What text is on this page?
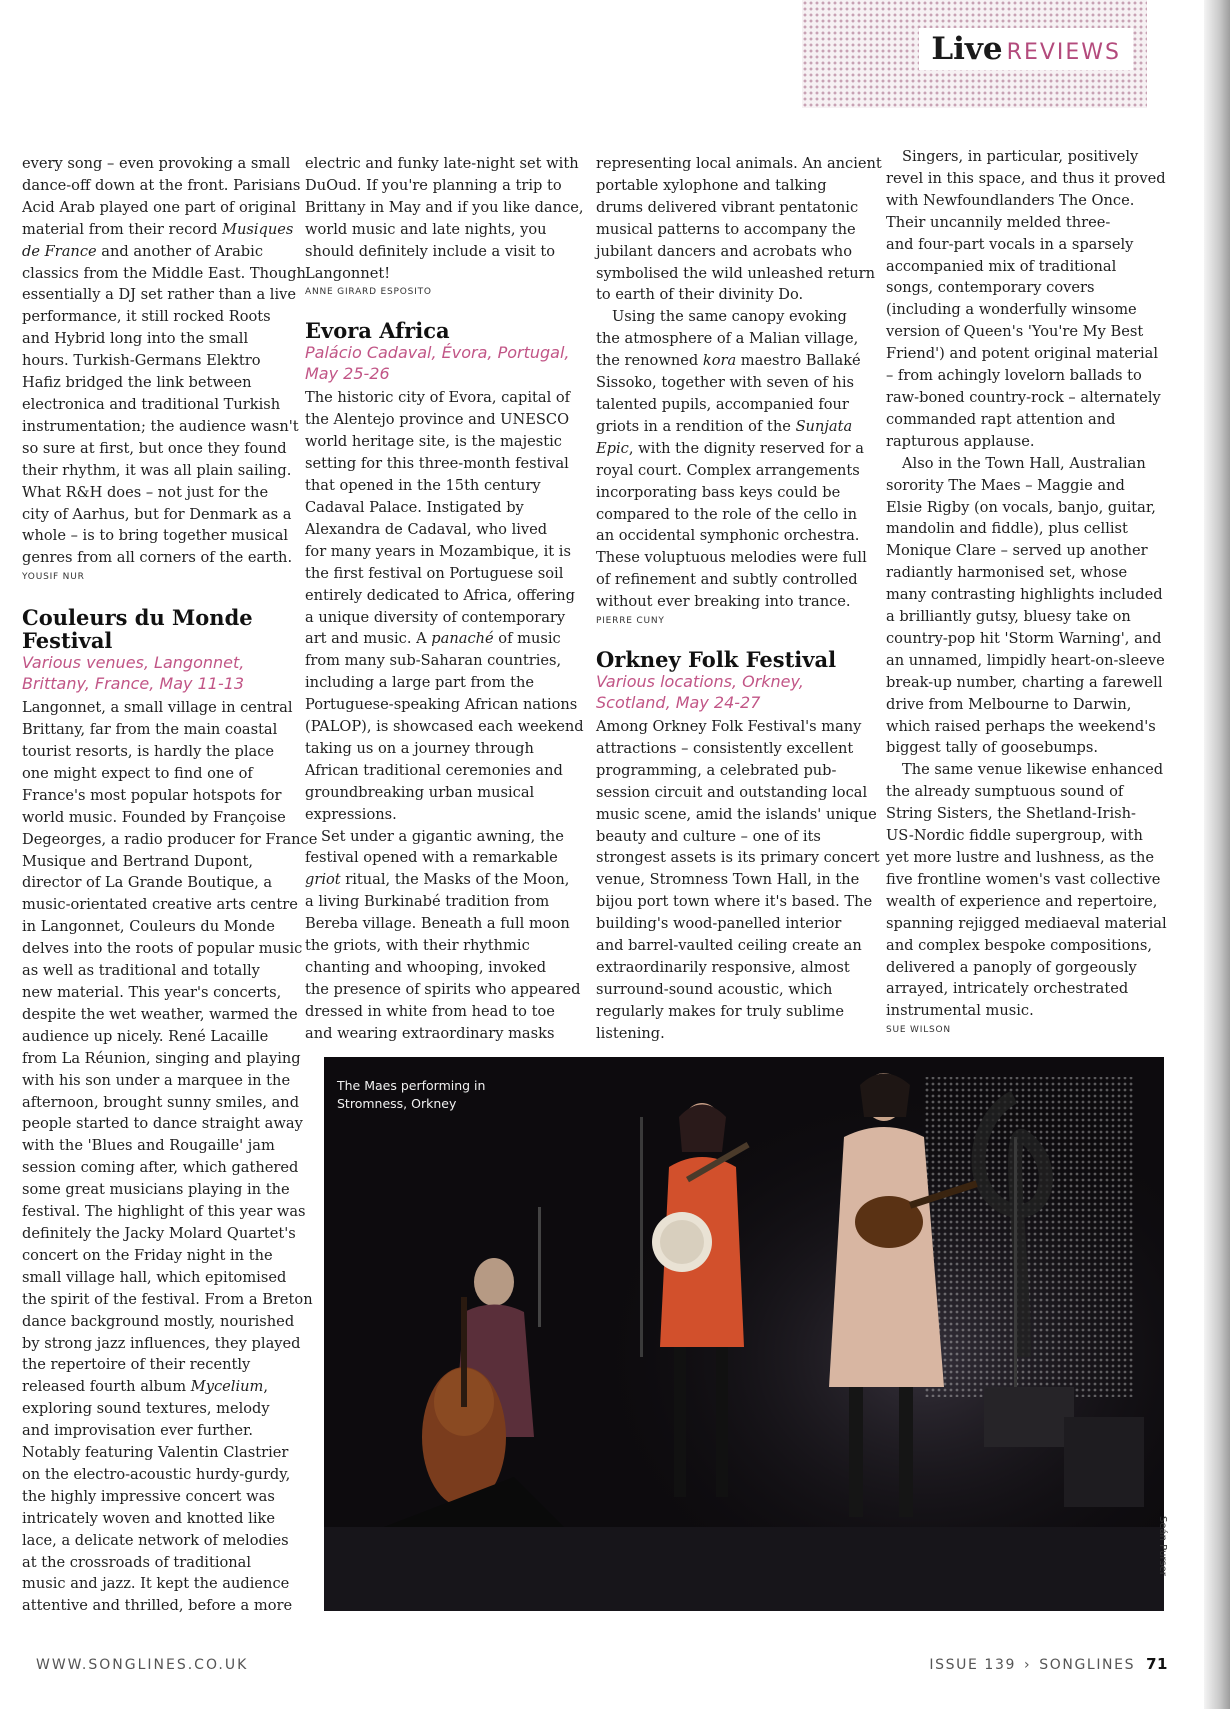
Live REVIEWS
every song – even provoking a small
dance-off down at the front. Parisians
Acid Arab played one part of original
material from their record Musiques
de France and another of Arabic
classics from the Middle East. Though
essentially a DJ set rather than a live
performance, it still rocked Roots
and Hybrid long into the small
hours. Turkish-Germans Elektro
Hafiz bridged the link between
electronica and traditional Turkish
instrumentation; the audience wasn't
so sure at first, but once they found
their rhythm, it was all plain sailing.
What R&H does – not just for the
city of Aarhus, but for Denmark as a
whole – is to bring together musical
genres from all corners of the earth.
YOUSIF NUR
Couleurs du Monde Festival
Various venues, Langonnet, Brittany, France, May 11-13
Langonnet, a small village in central
Brittany, far from the main coastal
tourist resorts, is hardly the place
one might expect to find one of
France's most popular hotspots for
world music. Founded by Françoise
Degeorges, a radio producer for France
Musique and Bertrand Dupont,
director of La Grande Boutique, a
music-orientated creative arts centre
in Langonnet, Couleurs du Monde
delves into the roots of popular music
as well as traditional and totally
new material. This year's concerts,
despite the wet weather, warmed the
audience up nicely. René Lacaille
from La Réunion, singing and playing
with his son under a marquee in the
afternoon, brought sunny smiles, and
people started to dance straight away
with the 'Blues and Rougaille' jam
session coming after, which gathered
some great musicians playing in the
festival. The highlight of this year was
definitely the Jacky Molard Quartet's
concert on the Friday night in the
small village hall, which epitomised
the spirit of the festival. From a Breton
dance background mostly, nourished
by strong jazz influences, they played
the repertoire of their recently
released fourth album Mycelium,
exploring sound textures, melody
and improvisation ever further.
Notably featuring Valentin Clastrier
on the electro-acoustic hurdy-gurdy,
the highly impressive concert was
intricately woven and knotted like
lace, a delicate network of melodies
at the crossroads of traditional
music and jazz. It kept the audience
attentive and thrilled, before a more
electric and funky late-night set with
DuOud. If you're planning a trip to
Brittany in May and if you like dance,
world music and late nights, you
should definitely include a visit to
Langonnet!
ANNE GIRARD ESPOSITO
Evora Africa
Palácio Cadaval, Évora, Portugal, May 25-26
The historic city of Evora, capital of
the Alentejo province and UNESCO
world heritage site, is the majestic
setting for this three-month festival
that opened in the 15th century
Cadaval Palace. Instigated by
Alexandra de Cadaval, who lived
for many years in Mozambique, it is
the first festival on Portuguese soil
entirely dedicated to Africa, offering
a unique diversity of contemporary
art and music. A panaché of music
from many sub-Saharan countries,
including a large part from the
Portuguese-speaking African nations
(PALOP), is showcased each weekend
taking us on a journey through
African traditional ceremonies and
groundbreaking urban musical
expressions.
Set under a gigantic awning, the
festival opened with a remarkable
griot ritual, the Masks of the Moon,
a living Burkinabé tradition from
Bereba village. Beneath a full moon
the griots, with their rhythmic
chanting and whooping, invoked
the presence of spirits who appeared
dressed in white from head to toe
and wearing extraordinary masks
representing local animals. An ancient
portable xylophone and talking
drums delivered vibrant pentatonic
musical patterns to accompany the
jubilant dancers and acrobats who
symbolised the wild unleashed return
to earth of their divinity Do.
Using the same canopy evoking
the atmosphere of a Malian village,
the renowned kora maestro Ballaké
Sissoko, together with seven of his
talented pupils, accompanied four
griots in a rendition of the Sunjata
Epic, with the dignity reserved for a
royal court. Complex arrangements
incorporating bass keys could be
compared to the role of the cello in
an occidental symphonic orchestra.
These voluptuous melodies were full
of refinement and subtly controlled
without ever breaking into trance.
PIERRE CUNY
Orkney Folk Festival
Various locations, Orkney, Scotland, May 24-27
Among Orkney Folk Festival's many
attractions – consistently excellent
programming, a celebrated pub-
session circuit and outstanding local
music scene, amid the islands' unique
beauty and culture – one of its
strongest assets is its primary concert
venue, Stromness Town Hall, in the
bijou port town where it's based. The
building's wood-panelled interior
and barrel-vaulted ceiling create an
extraordinarily responsive, almost
surround-sound acoustic, which
regularly makes for truly sublime
listening.
Singers, in particular, positively
revel in this space, and thus it proved
with Newfoundlanders The Once.
Their uncannily melded three-
and four-part vocals in a sparsely
accompanied mix of traditional
songs, contemporary covers
(including a wonderfully winsome
version of Queen's 'You're My Best
Friend') and potent original material
– from achingly lovelorn ballads to
raw-boned country-rock – alternately
commanded rapt attention and
rapturous applause.
Also in the Town Hall, Australian
sorority The Maes – Maggie and
Elsie Rigby (on vocals, banjo, guitar,
mandolin and fiddle), plus cellist
Monique Clare – served up another
radiantly harmonised set, whose
many contrasting highlights included
a brilliantly gutsy, bluesy take on
country-pop hit 'Storm Warning', and
an unnamed, limpidly heart-on-sleeve
break-up number, charting a farewell
drive from Melbourne to Darwin,
which raised perhaps the weekend's
biggest tally of goosebumps.
The same venue likewise enhanced
the already sumptuous sound of
String Sisters, the Shetland-Irish-
US-Nordic fiddle supergroup, with
yet more lustre and lushness, as the
five frontline women's vast collective
wealth of experience and repertoire,
spanning rejigged mediaeval material
and complex bespoke compositions,
delivered a panoply of gorgeously
arrayed, intricately orchestrated
instrumental music.
SUE WILSON
The Maes performing in Stromness, Orkney
Seán Purser
WWW.SONGLINES.CO.UK	ISSUE 139 › SONGLINES 71
